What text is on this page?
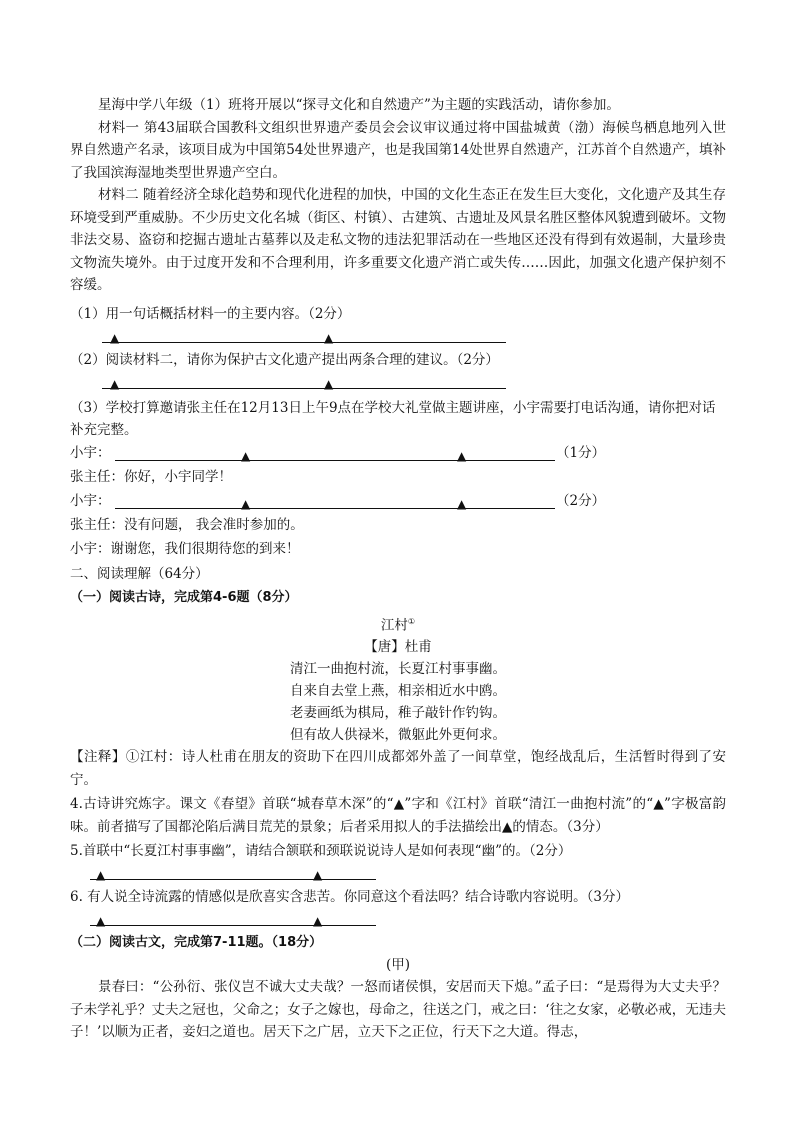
星海中学八年级（1）班将开展以“探寻文化和自然遗产”为主题的实践活动，请你参加。

材料一 第43届联合国教科文组织世界遗产委员会会议审议通过将中国盐城黄（渤）海候鸟栖息地列入世界自然遗产名录，该项目成为中国第54处世界遗产，也是我国第14处世界自然遗产，江苏首个自然遗产，填补了我国滨海湿地类型世界遗产空白。

材料二 随着经济全球化趋势和现代化进程的加快，中国的文化生态正在发生巨大变化，文化遗产及其生存环境受到严重威胁。不少历史文化名城（街区、村镇）、古建筑、古遗址及风景名胜区整体风貌遭到破坏。文物非法交易、盗窃和挖掘古遗址古墓葬以及走私文物的违法犯罪活动在一些地区还没有得到有效遏制，大量珍贵文物流失境外。由于过度开发和不合理利用，许多重要文化遗产消亡或失传……因此，加强文化遗产保护刻不容缓。

（1）用一句话概括材料一的主要内容。（2分）

▲	▲

（2）阅读材料二，请你为保护古文化遗产提出两条合理的建议。（2分）

▲	▲

（3）学校打算邀请张主任在12月13日上午9点在学校大礼堂做主题讲座，小宇需要打电话沟通，请你把对话补充完整。

小宇：	▲	▲	（1分）
张主任：你好，小宇同学！
小宇：	▲	▲	（2分）
张主任：没有问题， 我会准时参加的。
小宇：谢谢您，我们很期待您的到来！

二、阅读理解（64分）

（一）阅读古诗，完成第4-6题（8分）

江村①
【唐】杜甫
清江一曲抱村流，长夏江村事事幽。
自来自去堂上燕，相亲相近水中鸥。
老妻画纸为棋局，稚子敲针作钓钩。
但有故人供禄米，微躯此外更何求。

【注释】①江村：诗人杜甫在朋友的资助下在四川成都郊外盖了一间草堂，饱经战乱后，生活暂时得到了安宁。

4.古诗讲究炼字。课文《春望》首联“城春草木深”的“▲”字和《江村》首联“清江一曲抱村流”的“▲”字极富韵味。前者描写了国都沦陷后满目荒芜的景象；后者采用拟人的手法描绘出▲的情态。（3分）

5.首联中“长夏江村事事幽”，请结合颔联和颈联说说诗人是如何表现“幽”的。（2分）

▲	▲

6. 有人说全诗流露的情感似是欣喜实含悲苦。你同意这个看法吗？结合诗歌内容说明。（3分）

▲	▲

（二）阅读古文，完成第7-11题。（18分）

(甲)

景春曰：“公孙衍、张仪岂不诚大丈夫哉？一怒而诸侯惧，安居而天下熄。”孟子曰：“是焉得为大丈夫乎？子未学礼乎？丈夫之冠也，父命之；女子之嫁也，母命之，往送之门，戒之曰：‘往之女家，必敬必戒，无违夫子！’以顺为正者，妾妇之道也。居天下之广居，立天下之正位，行天下之大道。得志，
